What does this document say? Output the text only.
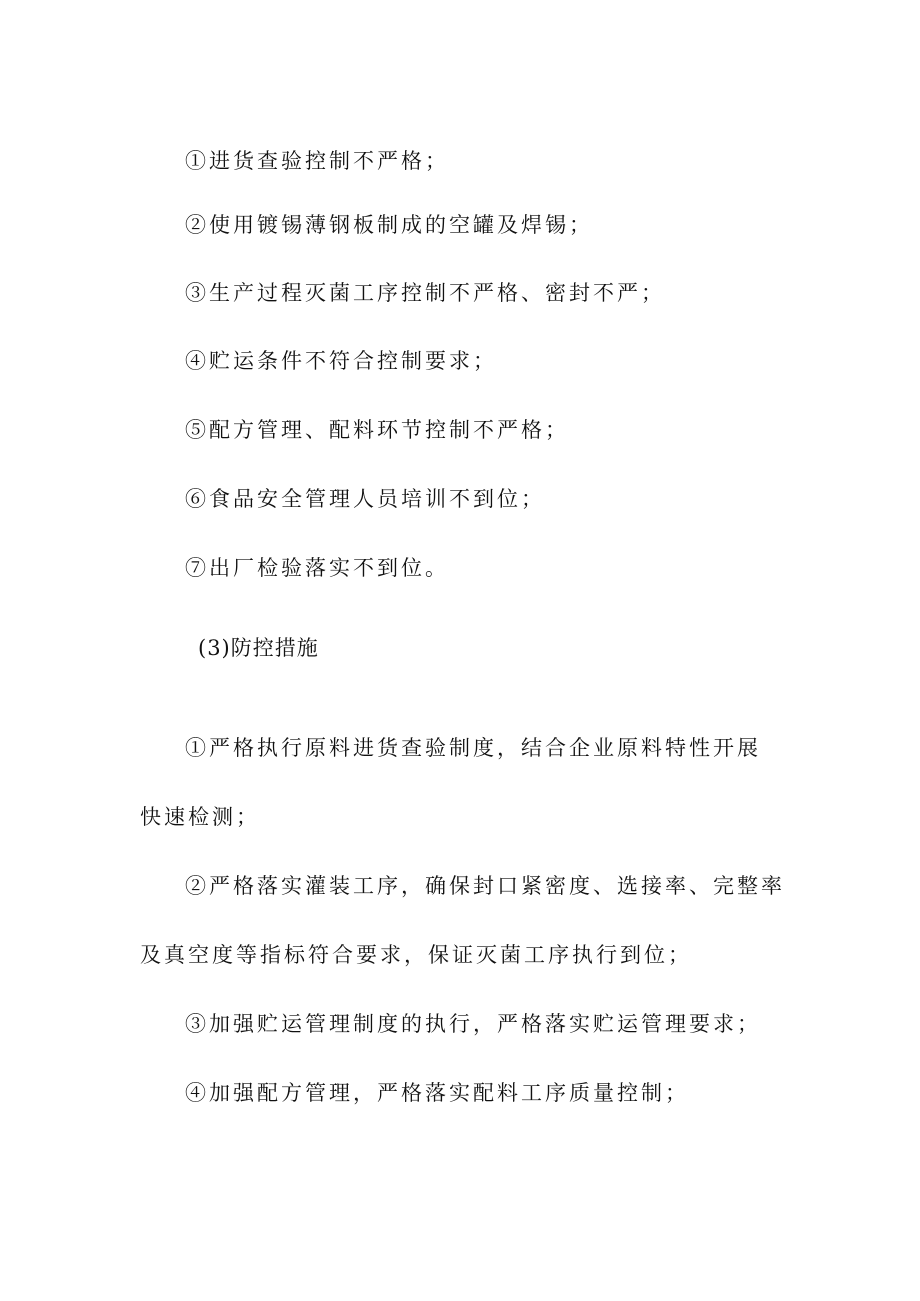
①进货查验控制不严格；
②使用镀锡薄钢板制成的空罐及焊锡；
③生产过程灭菌工序控制不严格、密封不严；
④贮运条件不符合控制要求；
⑤配方管理、配料环节控制不严格；
⑥食品安全管理人员培训不到位；
⑦出厂检验落实不到位。
(3)防控措施
①严格执行原料进货查验制度，结合企业原料特性开展
快速检测；
②严格落实灌装工序，确保封口紧密度、选接率、完整率
及真空度等指标符合要求，保证灭菌工序执行到位；
③加强贮运管理制度的执行，严格落实贮运管理要求；
④加强配方管理，严格落实配料工序质量控制；
